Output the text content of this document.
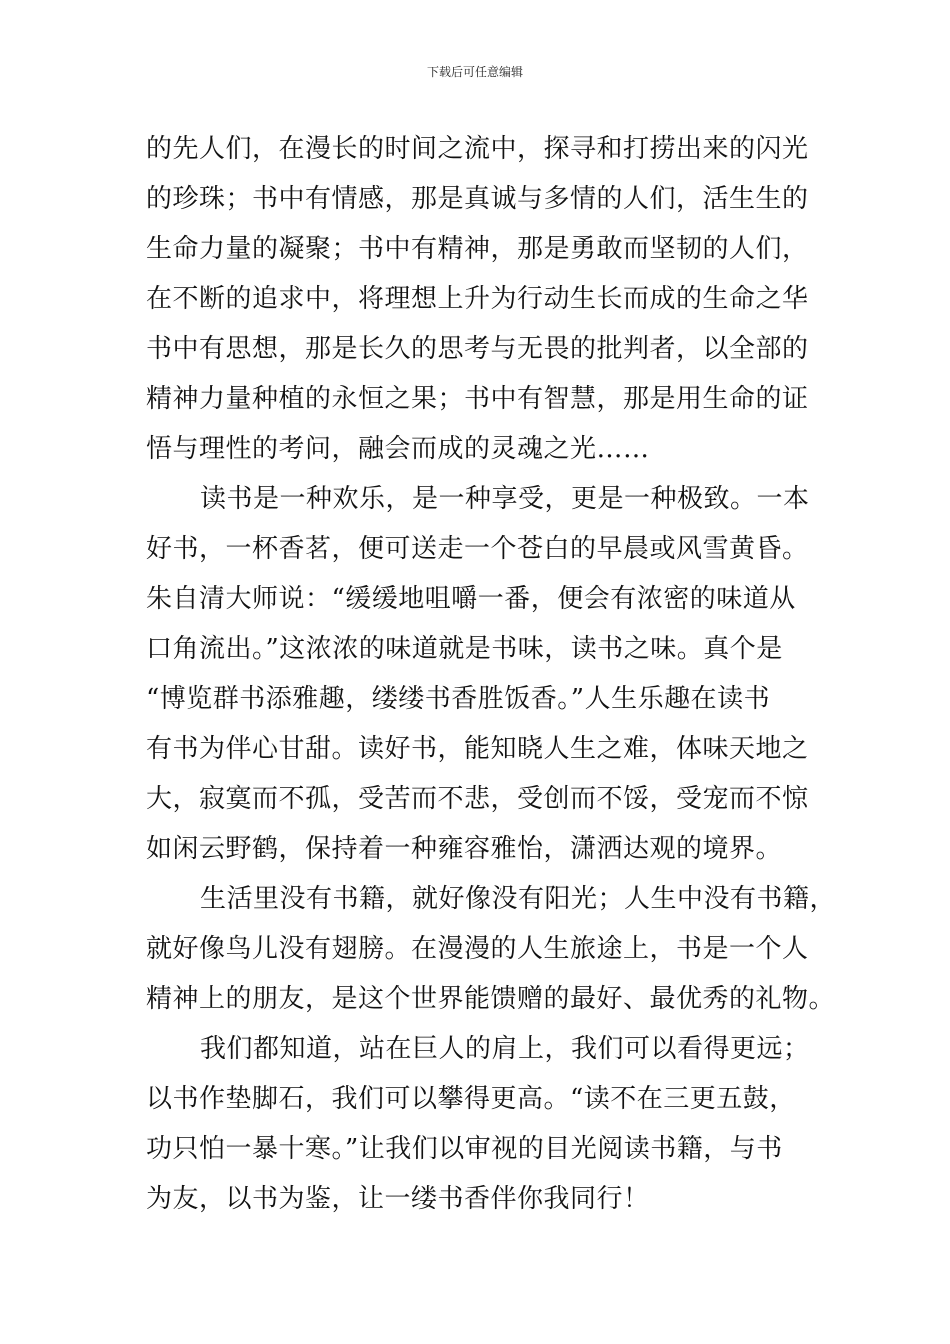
下载后可任意编辑
的先人们，在漫长的时间之流中，探寻和打捞出来的闪光
的珍珠；书中有情感，那是真诚与多情的人们，活生生的
生命力量的凝聚；书中有精神，那是勇敢而坚韧的人们，
在不断的追求中，将理想上升为行动生长而成的生命之华
书中有思想，那是长久的思考与无畏的批判者，以全部的
精神力量种植的永恒之果；书中有智慧，那是用生命的证
悟与理性的考问，融会而成的灵魂之光……
读书是一种欢乐，是一种享受，更是一种极致。一本
好书，一杯香茗，便可送走一个苍白的早晨或风雪黄昏。
朱自清大师说：“缓缓地咀嚼一番，便会有浓密的味道从
口角流出。”这浓浓的味道就是书味，读书之味。真个是
“博览群书添雅趣，缕缕书香胜饭香。”人生乐趣在读书
有书为伴心甘甜。读好书，能知晓人生之难，体味天地之
大，寂寞而不孤，受苦而不悲，受创而不馁，受宠而不惊
如闲云野鹤，保持着一种雍容雅怡，潇洒达观的境界。
生活里没有书籍，就好像没有阳光；人生中没有书籍，
就好像鸟儿没有翅膀。在漫漫的人生旅途上，书是一个人
精神上的朋友，是这个世界能馈赠的最好、最优秀的礼物。
我们都知道，站在巨人的肩上，我们可以看得更远；
以书作垫脚石，我们可以攀得更高。“读不在三更五鼓，
功只怕一暴十寒。”让我们以审视的目光阅读书籍，与书
为友，以书为鉴，让一缕书香伴你我同行！
